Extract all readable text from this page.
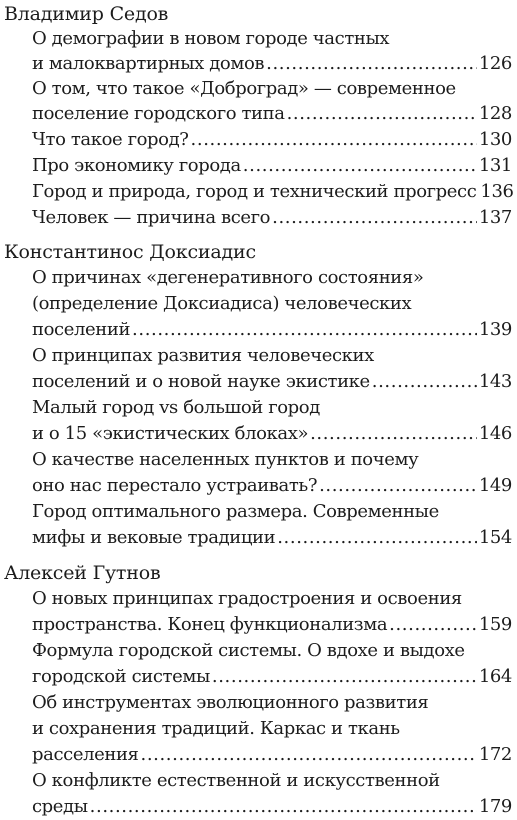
Владимир Седов
О демографии в новом городе частных
и малоквартирных домов .....	126
О том, что такое «Доброград» — современное
поселение городского типа .....	128
Что такое город? .....	130
Про экономику города .....	131
Город и природа, город и технический прогресс 136
Человек — причина всего .....	137
Константинос Доксиадис
О причинах «дегенеративного состояния»
(определение Доксиадиса) человеческих
поселений .....	139
О принципах развития человеческих
поселений и о новой науке экистике .....	143
Малый город vs большой город
и о 15 «экистических блоках» .....	146
О качестве населенных пунктов и почему
оно нас перестало устраивать? .....	149
Город оптимального размера. Современные
мифы и вековые традиции .....	154
Алексей Гутнов
О новых принципах градостроения и освоения
пространства. Конец функционализма .....	159
Формула городской системы. О вдохе и выдохе
городской системы .....	164
Об инструментах эволюционного развития
и сохранения традиций. Каркас и ткань
расселения .....	172
О конфликте естественной и искусственной
среды .....	179
